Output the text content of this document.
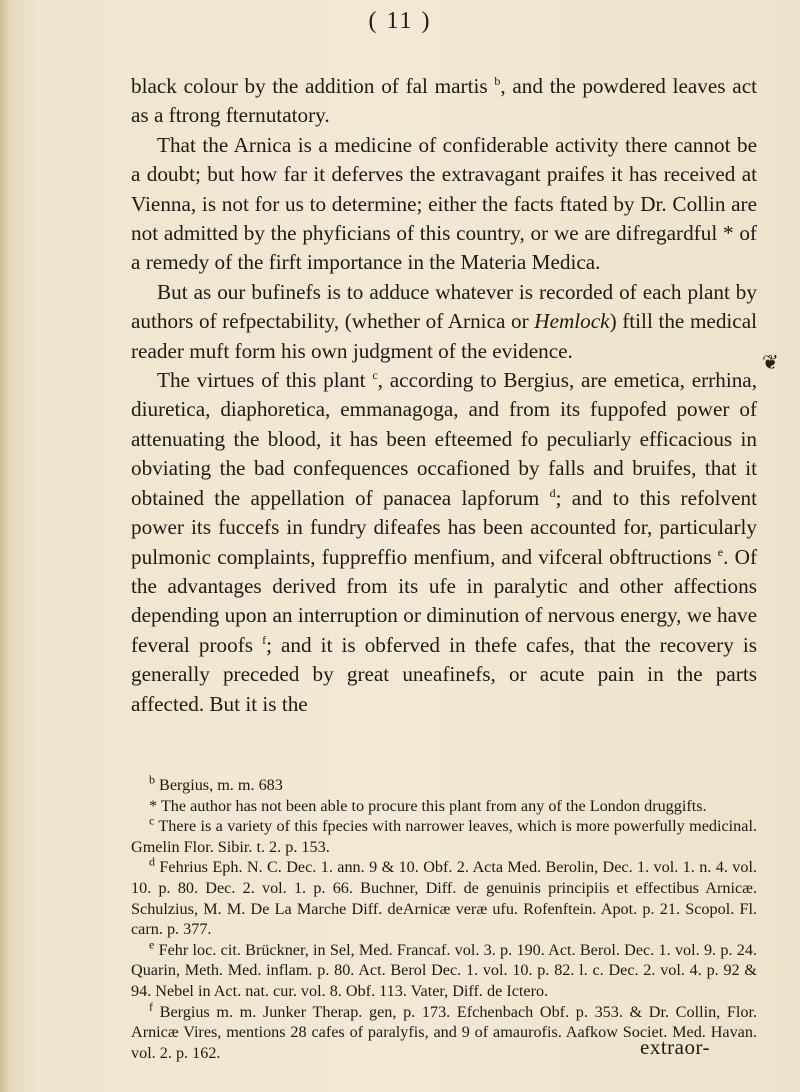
( 11 )

black colour by the addition of fal martis $^b$, and the powdered leaves act as a ftrong fternutatory.

That the Arnica is a medicine of confiderable activity there cannot be a doubt; but how far it deferves the extravagant praifes it has received at Vienna, is not for us to determine; either the facts ftated by Dr. Collin are not admitted by the phyficians of this country, or we are difregardful * of a remedy of the firft importance in the Materia Medica.

But as our bufinefs is to adduce whatever is recorded of each plant by authors of refpectability, (whether of Arnica or Hemlock) ftill the medical reader muft form his own judgment of the evidence.

The virtues of this plant $^c$, according to Bergius, are emetica, errhina, diuretica, diaphoretica, emmanagoga, and from its fuppofed power of attenuating the blood, it has been efteemed fo peculiarly efficacious in obviating the bad confequences occafioned by falls and bruifes, that it obtained the appellation of panacea lapforum $^d$; and to this refolvent power its fuccefs in fundry difeafes has been accounted for, particularly pulmonic complaints, fuppreffio menfium, and vifceral obftructions $^e$. Of the advantages derived from its ufe in paralytic and other affections depending upon an interruption or diminution of nervous energy, we have feveral proofs $^f$; and it is obferved in thefe cafes, that the recovery is generally preceded by great uneafinefs, or acute pain in the parts affected. But it is the

$^b$ Bergius, m. m. 683

* The author has not been able to procure this plant from any of the London druggifts.

$^c$ There is a variety of this fpecies with narrower leaves, which is more powerfully medicinal. Gmelin Flor. Sibir. t. 2. p. 153.

$^d$ Fehrius Eph. N. C. Dec. 1. ann. 9 & 10. Obf. 2. Acta Med. Berolin, Dec. 1. vol. 1. n. 4. vol. 10. p. 80. Dec. 2. vol. 1. p. 66. Buchner, Diff. de genuinis principiis et effectibus Arnicæ. Schulzius, M. M. De La Marche Diff. deArnicæ veræ ufu. Rofenftein. Apot. p. 21. Scopol. Fl. carn. p. 377.

$^e$ Fehr loc. cit. Brückner, in Sel, Med. Francaf. vol. 3. p. 190. Act. Berol. Dec. 1. vol. 9. p. 24. Quarin, Meth. Med. inflam. p. 80. Act. Berol Dec. 1. vol. 10. p. 82. l. c. Dec. 2. vol. 4. p. 92 & 94. Nebel in Act. nat. cur. vol. 8. Obf. 113. Vater, Diff. de Ictero.

$^f$ Bergius m. m. Junker Therap. gen, p. 173. Efchenbach Obf. p. 353. & Dr. Collin, Flor. Arnicæ Vires, mentions 28 cafes of paralyfis, and 9 of amaurofis. Aafkow Societ. Med. Havan. vol. 2. p. 162.

❦
extraor-
